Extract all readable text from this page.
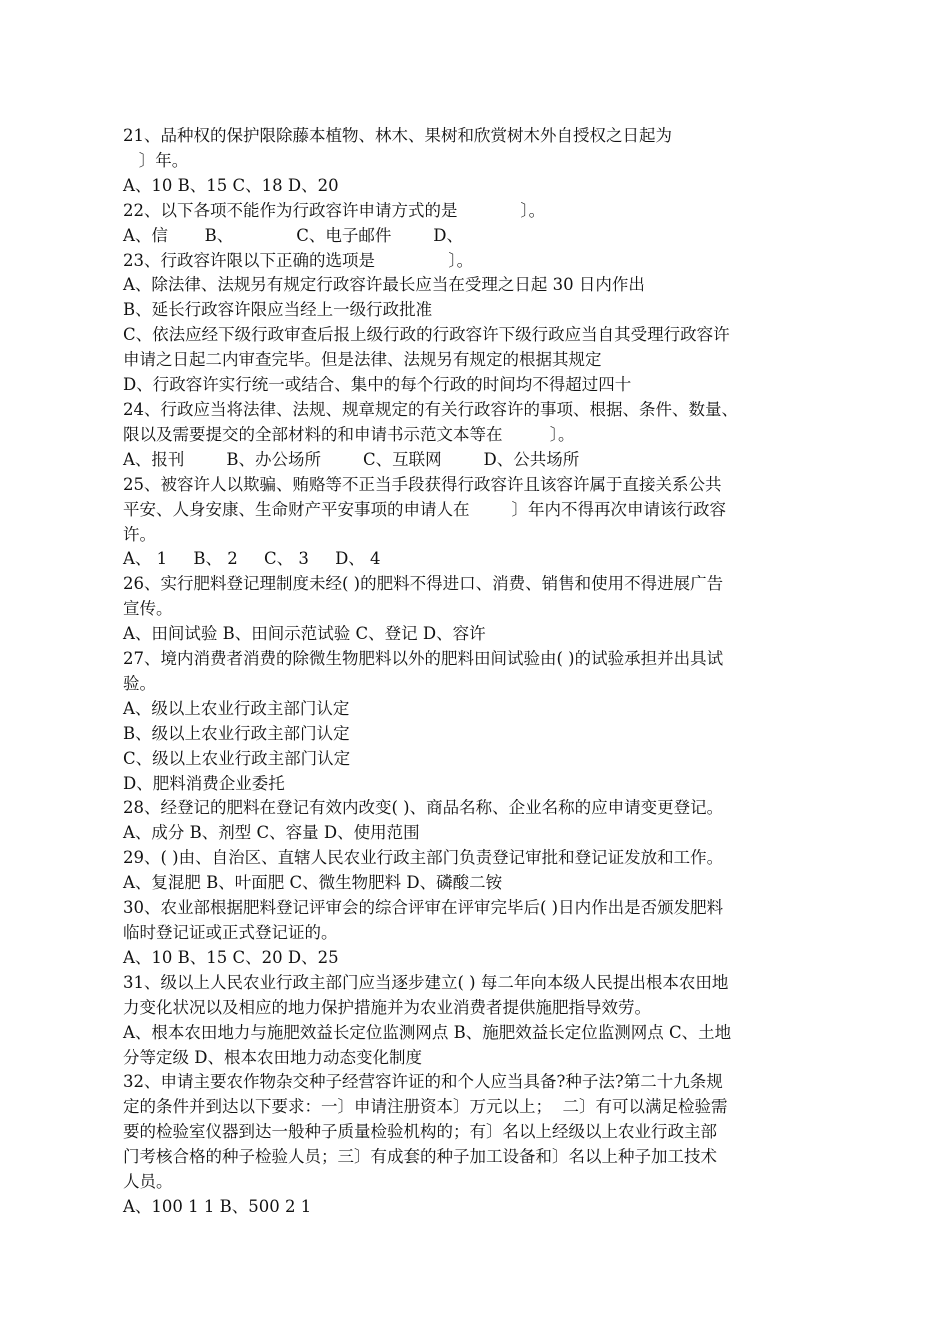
21、品种权的保护限除藤本植物、林木、果树和欣赏树木外自授权之日起为
〕年。
A、10 B、15 C、18 D、20
22、以下各项不能作为行政容许申请方式的是            〕。
A、信       B、            C、电子邮件        D、
23、行政容许限以下正确的选项是              〕。
A、除法律、法规另有规定行政容许最长应当在受理之日起 30 日内作出
B、延长行政容许限应当经上一级行政批准
C、依法应经下级行政审查后报上级行政的行政容许下级行政应当自其受理行政容许
申请之日起二内审查完毕。但是法律、法规另有规定的根据其规定
D、行政容许实行统一或结合、集中的每个行政的时间均不得超过四十
24、行政应当将法律、法规、规章规定的有关行政容许的事项、根据、条件、数量、
限以及需要提交的全部材料的和申请书示范文本等在         〕。
A、报刊        B、办公场所        C、互联网        D、公共场所
25、被容许人以欺骗、贿赂等不正当手段获得行政容许且该容许属于直接关系公共
平安、人身安康、生命财产平安事项的申请人在        〕年内不得再次申请该行政容
许。
A、 1     B、 2     C、 3     D、 4
26、实行肥料登记理制度未经( )的肥料不得进口、消费、销售和使用不得进展广告
宣传。
A、田间试验 B、田间示范试验 C、登记 D、容许
27、境内消费者消费的除微生物肥料以外的肥料田间试验由( )的试验承担并出具试
验。
A、级以上农业行政主部门认定
B、级以上农业行政主部门认定
C、级以上农业行政主部门认定
D、肥料消费企业委托
28、经登记的肥料在登记有效内改变( )、商品名称、企业名称的应申请变更登记。
A、成分 B、剂型 C、容量 D、使用范围
29、( )由、自治区、直辖人民农业行政主部门负责登记审批和登记证发放和工作。
A、复混肥 B、叶面肥 C、微生物肥料 D、磷酸二铵
30、农业部根据肥料登记评审会的综合评审在评审完毕后( )日内作出是否颁发肥料
临时登记证或正式登记证的。
A、10 B、15 C、20 D、25
31、级以上人民农业行政主部门应当逐步建立( ) 每二年向本级人民提出根本农田地
力变化状况以及相应的地力保护措施并为农业消费者提供施肥指导效劳。
A、根本农田地力与施肥效益长定位监测网点 B、施肥效益长定位监测网点 C、土地
分等定级 D、根本农田地力动态变化制度
32、申请主要农作物杂交种子经营容许证的和个人应当具备?种子法?第二十九条规
定的条件并到达以下要求：一〕申请注册资本〕万元以上；  二〕有可以满足检验需
要的检验室仪器到达一般种子质量检验机构的；有〕名以上经级以上农业行政主部
门考核合格的种子检验人员；三〕有成套的种子加工设备和〕名以上种子加工技术
人员。
A、100 1 1 B、500 2 1
